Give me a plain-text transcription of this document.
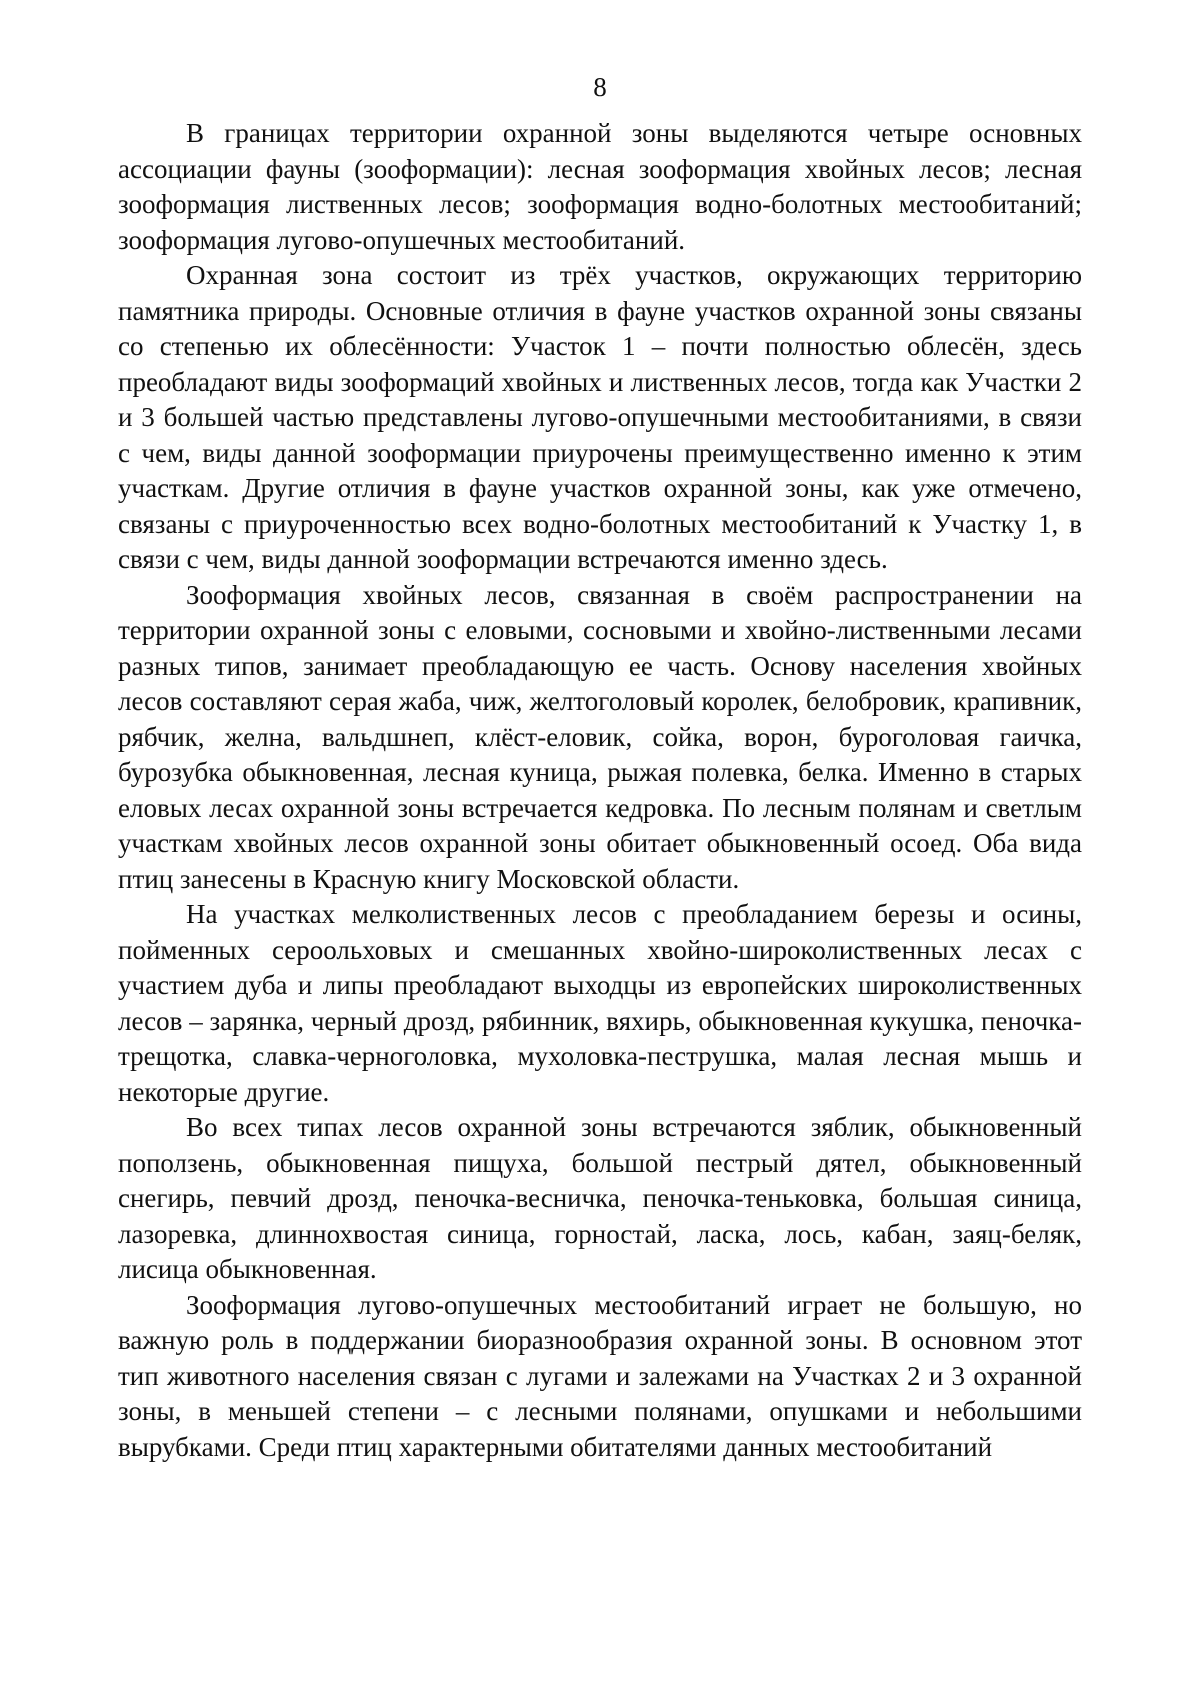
8

В границах территории охранной зоны выделяются четыре основных ассоциации фауны (зооформации): лесная зооформация хвойных лесов; лесная зооформация лиственных лесов; зооформация водно-болотных местообитаний; зооформация лугово-опушечных местообитаний.

Охранная зона состоит из трёх участков, окружающих территорию памятника природы. Основные отличия в фауне участков охранной зоны связаны со степенью их облесённости: Участок 1 – почти полностью облесён, здесь преобладают виды зооформаций хвойных и лиственных лесов, тогда как Участки 2 и 3 большей частью представлены лугово-опушечными местообитаниями, в связи с чем, виды данной зооформации приурочены преимущественно именно к этим участкам. Другие отличия в фауне участков охранной зоны, как уже отмечено, связаны с приуроченностью всех водно-болотных местообитаний к Участку 1, в связи с чем, виды данной зооформации встречаются именно здесь.

Зооформация хвойных лесов, связанная в своём распространении на территории охранной зоны с еловыми, сосновыми и хвойно-лиственными лесами разных типов, занимает преобладающую ее часть. Основу населения хвойных лесов составляют серая жаба, чиж, желтоголовый королек, белобровик, крапивник, рябчик, желна, вальдшнеп, клёст-еловик, сойка, ворон, буроголовая гаичка, бурозубка обыкновенная, лесная куница, рыжая полевка, белка. Именно в старых еловых лесах охранной зоны встречается кедровка. По лесным полянам и светлым участкам хвойных лесов охранной зоны обитает обыкновенный осоед. Оба вида птиц занесены в Красную книгу Московской области.

На участках мелколиственных лесов с преобладанием березы и осины, пойменных сероольховых и смешанных хвойно-широколиственных лесах с участием дуба и липы преобладают выходцы из европейских широколиственных лесов – зарянка, черный дрозд, рябинник, вяхирь, обыкновенная кукушка, пеночка-трещотка, славка-черноголовка, мухоловка-пеструшка, малая лесная мышь и некоторые другие.

Во всех типах лесов охранной зоны встречаются зяблик, обыкновенный поползень, обыкновенная пищуха, большой пестрый дятел, обыкновенный снегирь, певчий дрозд, пеночка-весничка, пеночка-теньковка, большая синица, лазоревка, длиннохвостая синица, горностай, ласка, лось, кабан, заяц-беляк, лисица обыкновенная.

Зооформация лугово-опушечных местообитаний играет не большую, но важную роль в поддержании биоразнообразия охранной зоны. В основном этот тип животного населения связан с лугами и залежами на Участках 2 и 3 охранной зоны, в меньшей степени – с лесными полянами, опушками и небольшими вырубками. Среди птиц характерными обитателями данных местообитаний
